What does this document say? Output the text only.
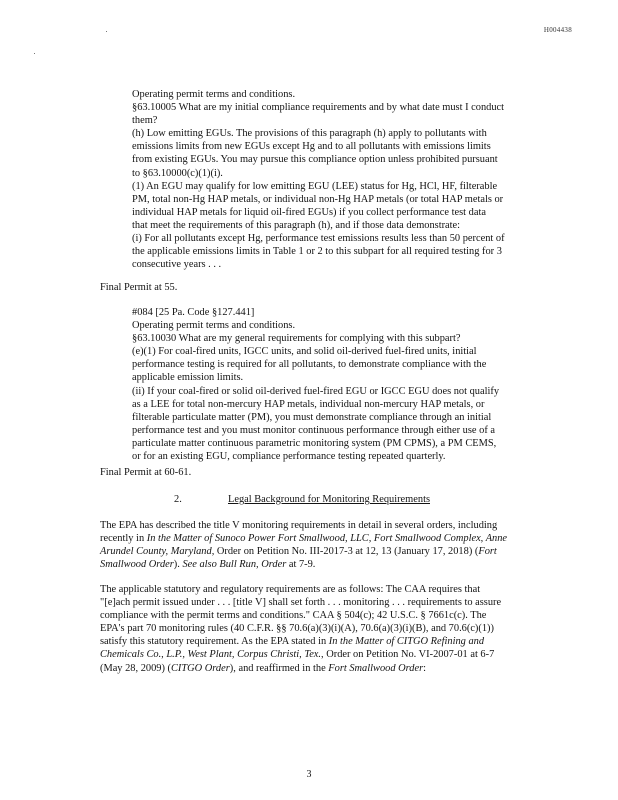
H004438

Operating permit terms and conditions.

§63.10005 What are my initial compliance requirements and by what date must I conduct

them?

(h) Low emitting EGUs. The provisions of this paragraph (h) apply to pollutants with

emissions limits from new EGUs except Hg and to all pollutants with emissions limits

from existing EGUs. You may pursue this compliance option unless prohibited pursuant

to §63.10000(c)(1)(i).

(1) An EGU may qualify for low emitting EGU (LEE) status for Hg, HCl, HF, filterable

PM, total non-Hg HAP metals, or individual non-Hg HAP metals (or total HAP metals or

individual HAP metals for liquid oil-fired EGUs) if you collect performance test data

that meet the requirements of this paragraph (h), and if those data demonstrate:

(i) For all pollutants except Hg, performance test emissions results less than 50 percent of

the applicable emissions limits in Table 1 or 2 to this subpart for all required testing for 3

consecutive years . . .

Final Permit at 55.

#084 [25 Pa. Code §127.441]

Operating permit terms and conditions.

§63.10030 What are my general requirements for complying with this subpart?

(e)(1) For coal-fired units, IGCC units, and solid oil-derived fuel-fired units, initial

performance testing is required for all pollutants, to demonstrate compliance with the

applicable emission limits.

(ii) If your coal-fired or solid oil-derived fuel-fired EGU or IGCC EGU does not qualify

as a LEE for total non-mercury HAP metals, individual non-mercury HAP metals, or

filterable particulate matter (PM), you must demonstrate compliance through an initial

performance test and you must monitor continuous performance through either use of a

particulate matter continuous parametric monitoring system (PM CPMS), a PM CEMS,

or for an existing EGU, compliance performance testing repeated quarterly.

Final Permit at 60-61.

2.	Legal Background for Monitoring Requirements

The EPA has described the title V monitoring requirements in detail in several orders, including

recently in In the Matter of Sunoco Power Fort Smallwood, LLC, Fort Smallwood Complex, Anne

Arundel County, Maryland, Order on Petition No. III-2017-3 at 12, 13 (January 17, 2018) (Fort

Smallwood Order). See also Bull Run, Order at 7-9.

The applicable statutory and regulatory requirements are as follows: The CAA requires that

"[e]ach permit issued under . . . [title V] shall set forth . . . monitoring . . . requirements to assure

compliance with the permit terms and conditions." CAA § 504(c); 42 U.S.C. § 7661c(c). The

EPA's part 70 monitoring rules (40 C.F.R. §§ 70.6(a)(3)(i)(A), 70.6(a)(3)(i)(B), and 70.6(c)(1))

satisfy this statutory requirement. As the EPA stated in In the Matter of CITGO Refining and

Chemicals Co., L.P., West Plant, Corpus Christi, Tex., Order on Petition No. VI-2007-01 at 6-7

(May 28, 2009) (CITGO Order), and reaffirmed in the Fort Smallwood Order:

3
